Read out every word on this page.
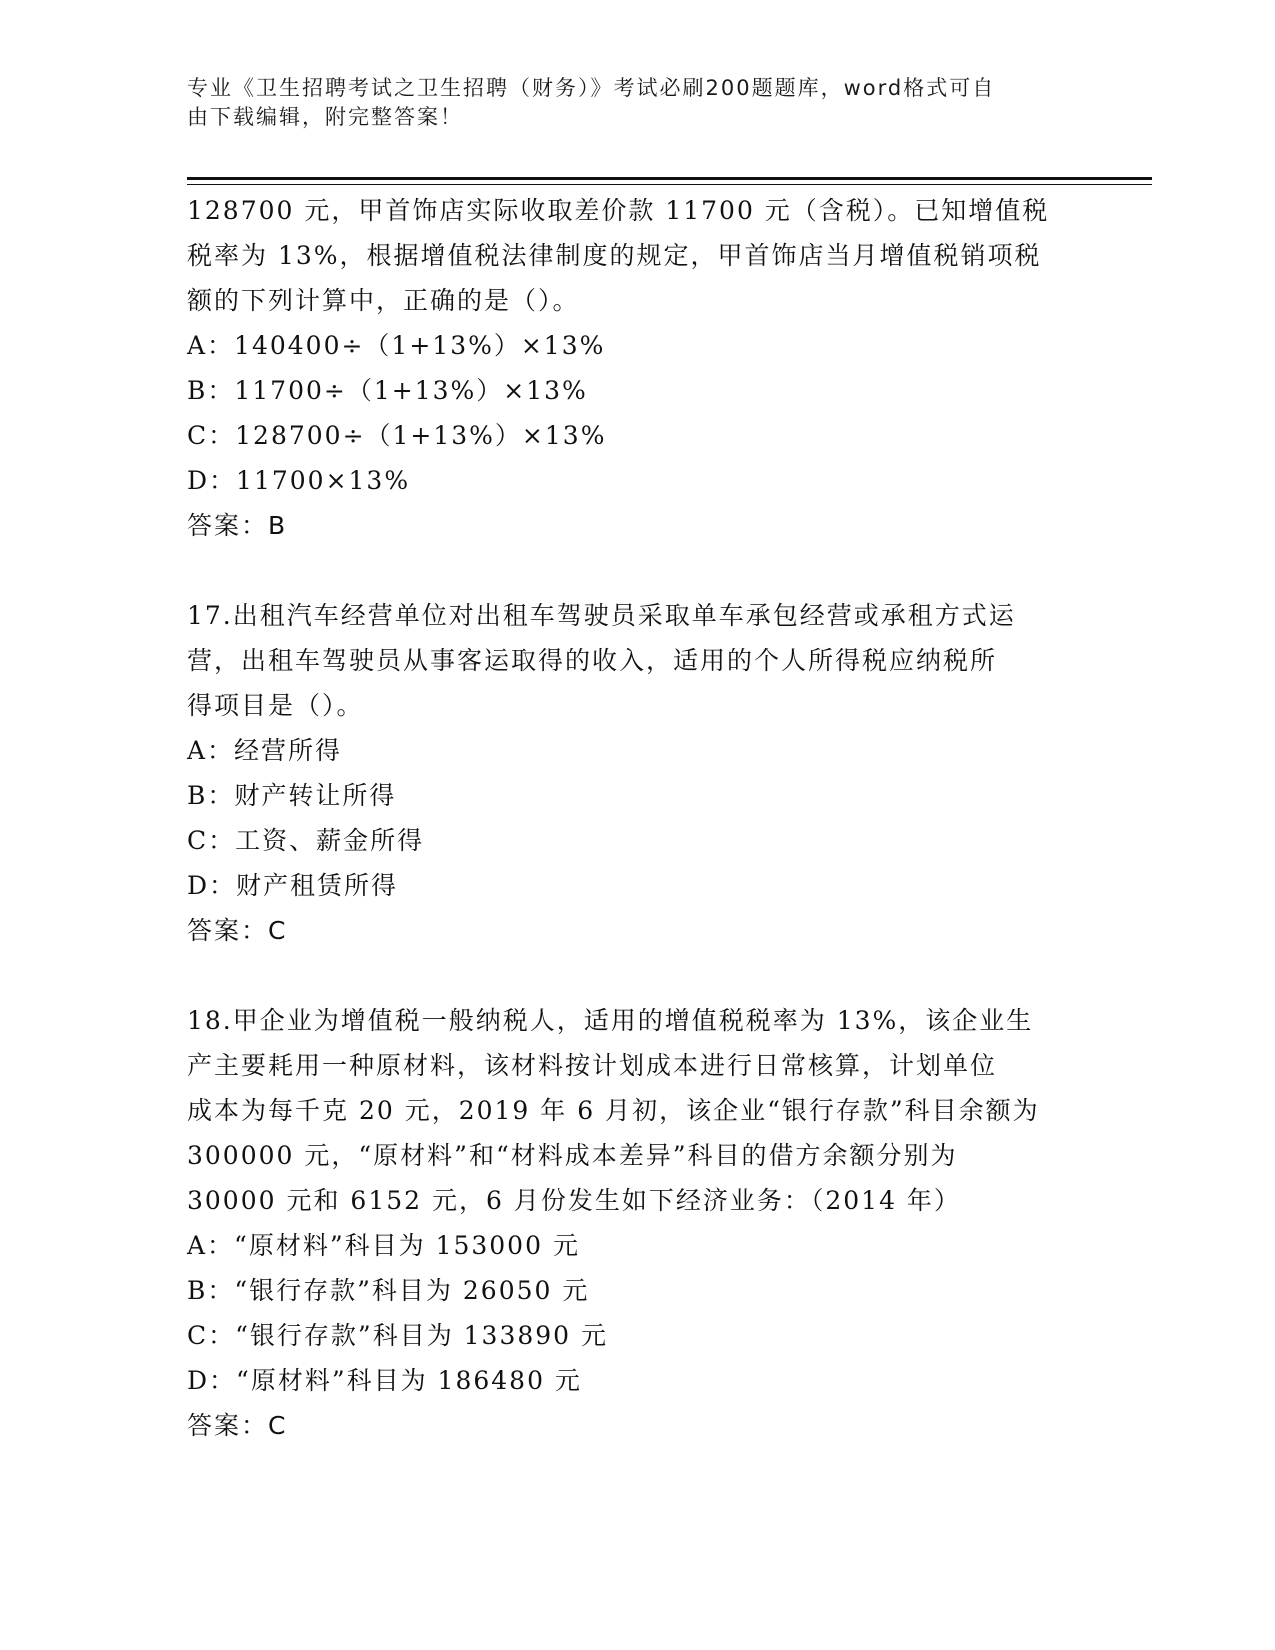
专业《卫生招聘考试之卫生招聘（财务）》考试必刷200题题库，word格式可自
由下载编辑，附完整答案！

128700 元，甲首饰店实际收取差价款 11700 元（含税）。已知增值税

税率为 13%，根据增值税法律制度的规定，甲首饰店当月增值税销项税

额的下列计算中，正确的是（）。

A：140400÷（1+13%）×13%

B：11700÷（1+13%）×13%

C：128700÷（1+13%）×13%

D：11700×13%

答案：B

17.出租汽车经营单位对出租车驾驶员采取单车承包经营或承租方式运

营，出租车驾驶员从事客运取得的收入，适用的个人所得税应纳税所

得项目是（）。

A：经营所得

B：财产转让所得

C：工资、薪金所得

D：财产租赁所得

答案：C

18.甲企业为增值税一般纳税人，适用的增值税税率为 13%，该企业生

产主要耗用一种原材料，该材料按计划成本进行日常核算，计划单位

成本为每千克 20 元，2019 年 6 月初，该企业“银行存款”科目余额为

300000 元，“原材料”和“材料成本差异”科目的借方余额分别为

30000 元和 6152 元，6 月份发生如下经济业务：（2014 年）

A：“原材料”科目为 153000 元

B：“银行存款”科目为 26050 元

C：“银行存款”科目为 133890 元

D：“原材料”科目为 186480 元

答案：C
